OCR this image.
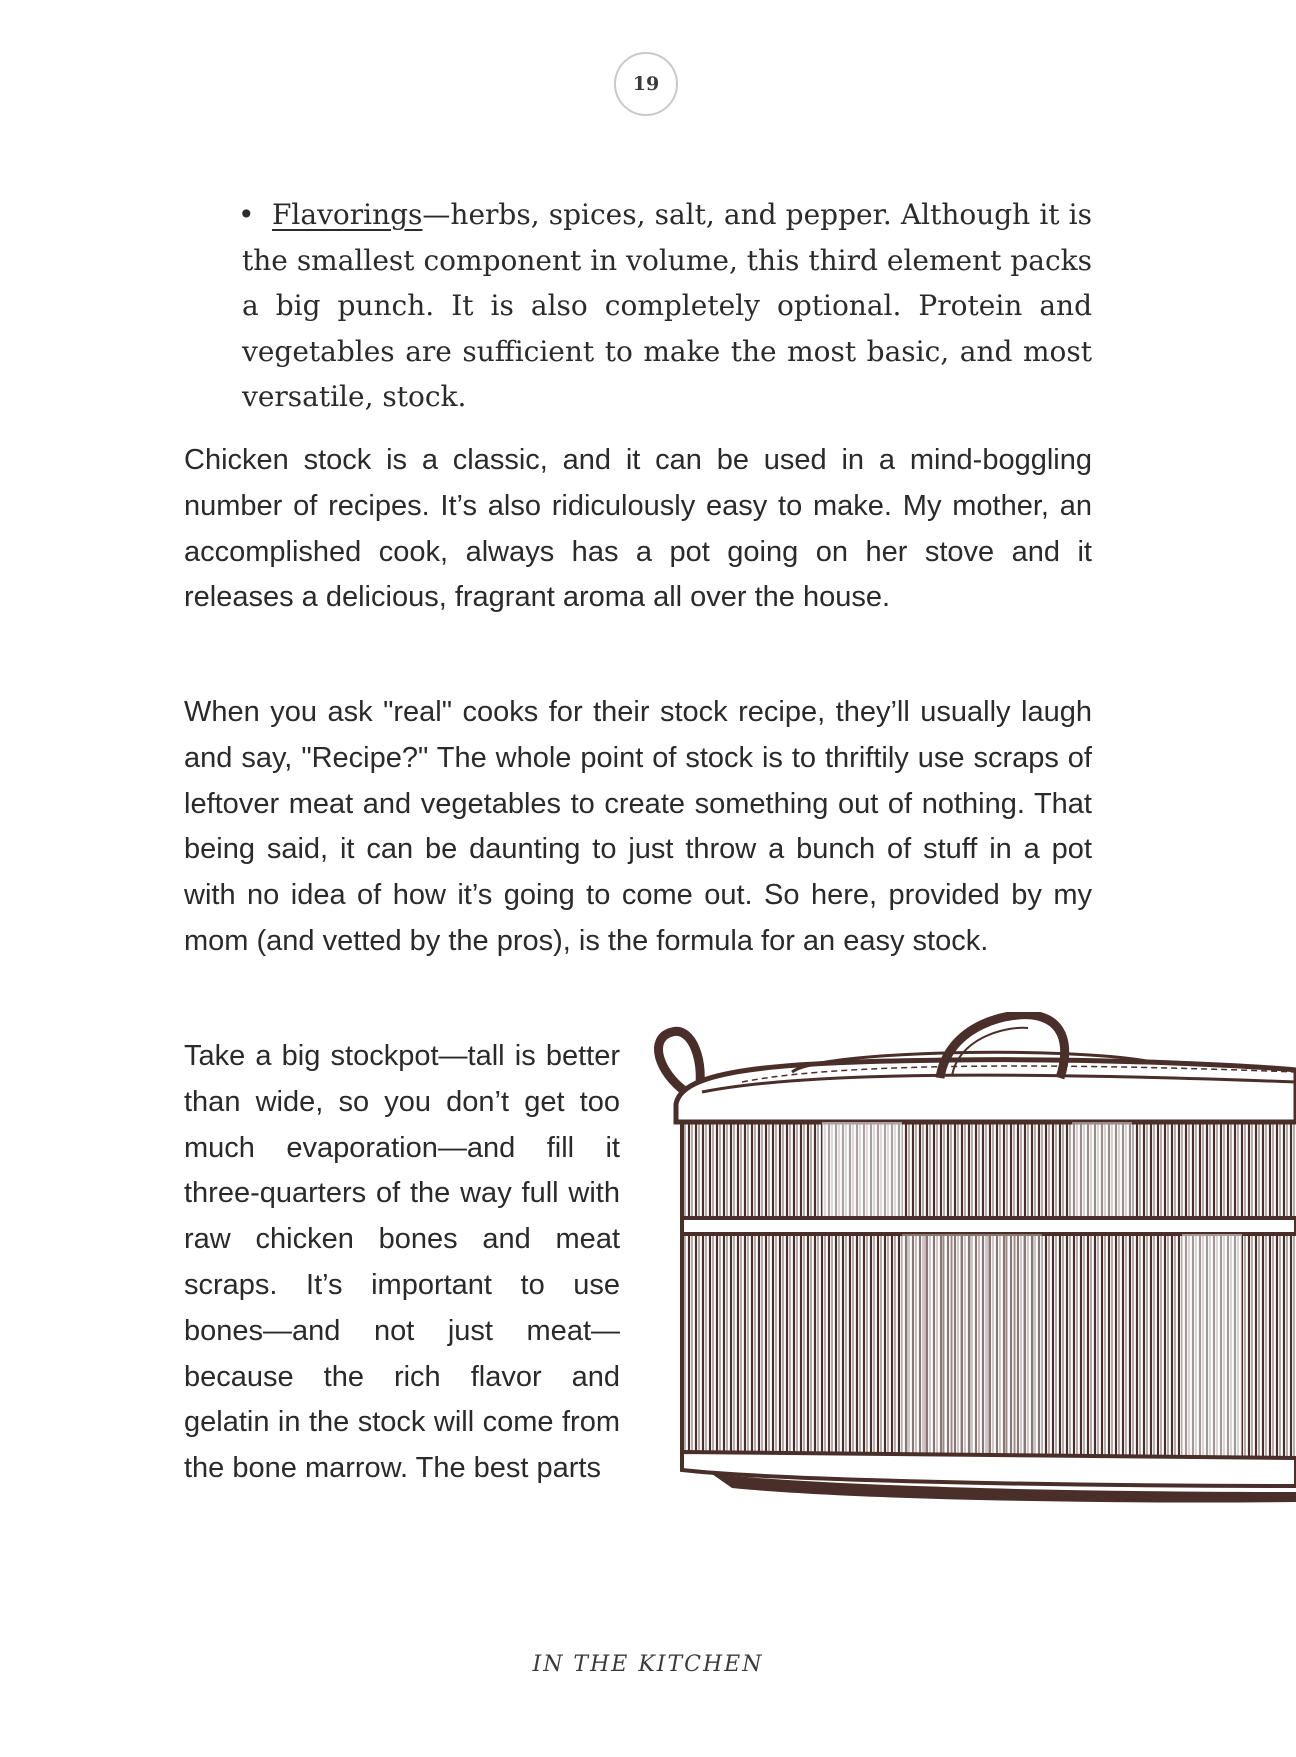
19
• Flavorings—herbs, spices, salt, and pepper. Although it is the smallest component in volume, this third element packs a big punch. It is also completely optional. Protein and vegetables are sufficient to make the most basic, and most versatile, stock.

Chicken stock is a classic, and it can be used in a mind-boggling number of recipes. It’s also ridiculously easy to make. My mother, an accomplished cook, always has a pot going on her stove and it releases a delicious, fragrant aroma all over the house.

When you ask "real" cooks for their stock recipe, they’ll usually laugh and say, "Recipe?" The whole point of stock is to thriftily use scraps of leftover meat and vegetables to create something out of nothing. That being said, it can be daunting to just throw a bunch of stuff in a pot with no idea of how it’s going to come out. So here, provided by my mom (and vetted by the pros), is the formula for an easy stock.

Take a big stockpot—tall is better than wide, so you don’t get too much evaporation—and fill it three-quarters of the way full with raw chicken bones and meat scraps. It’s important to use bones—and not just meat—because the rich flavor and gelatin in the stock will come from the bone marrow. The best parts

IN THE KITCHEN
